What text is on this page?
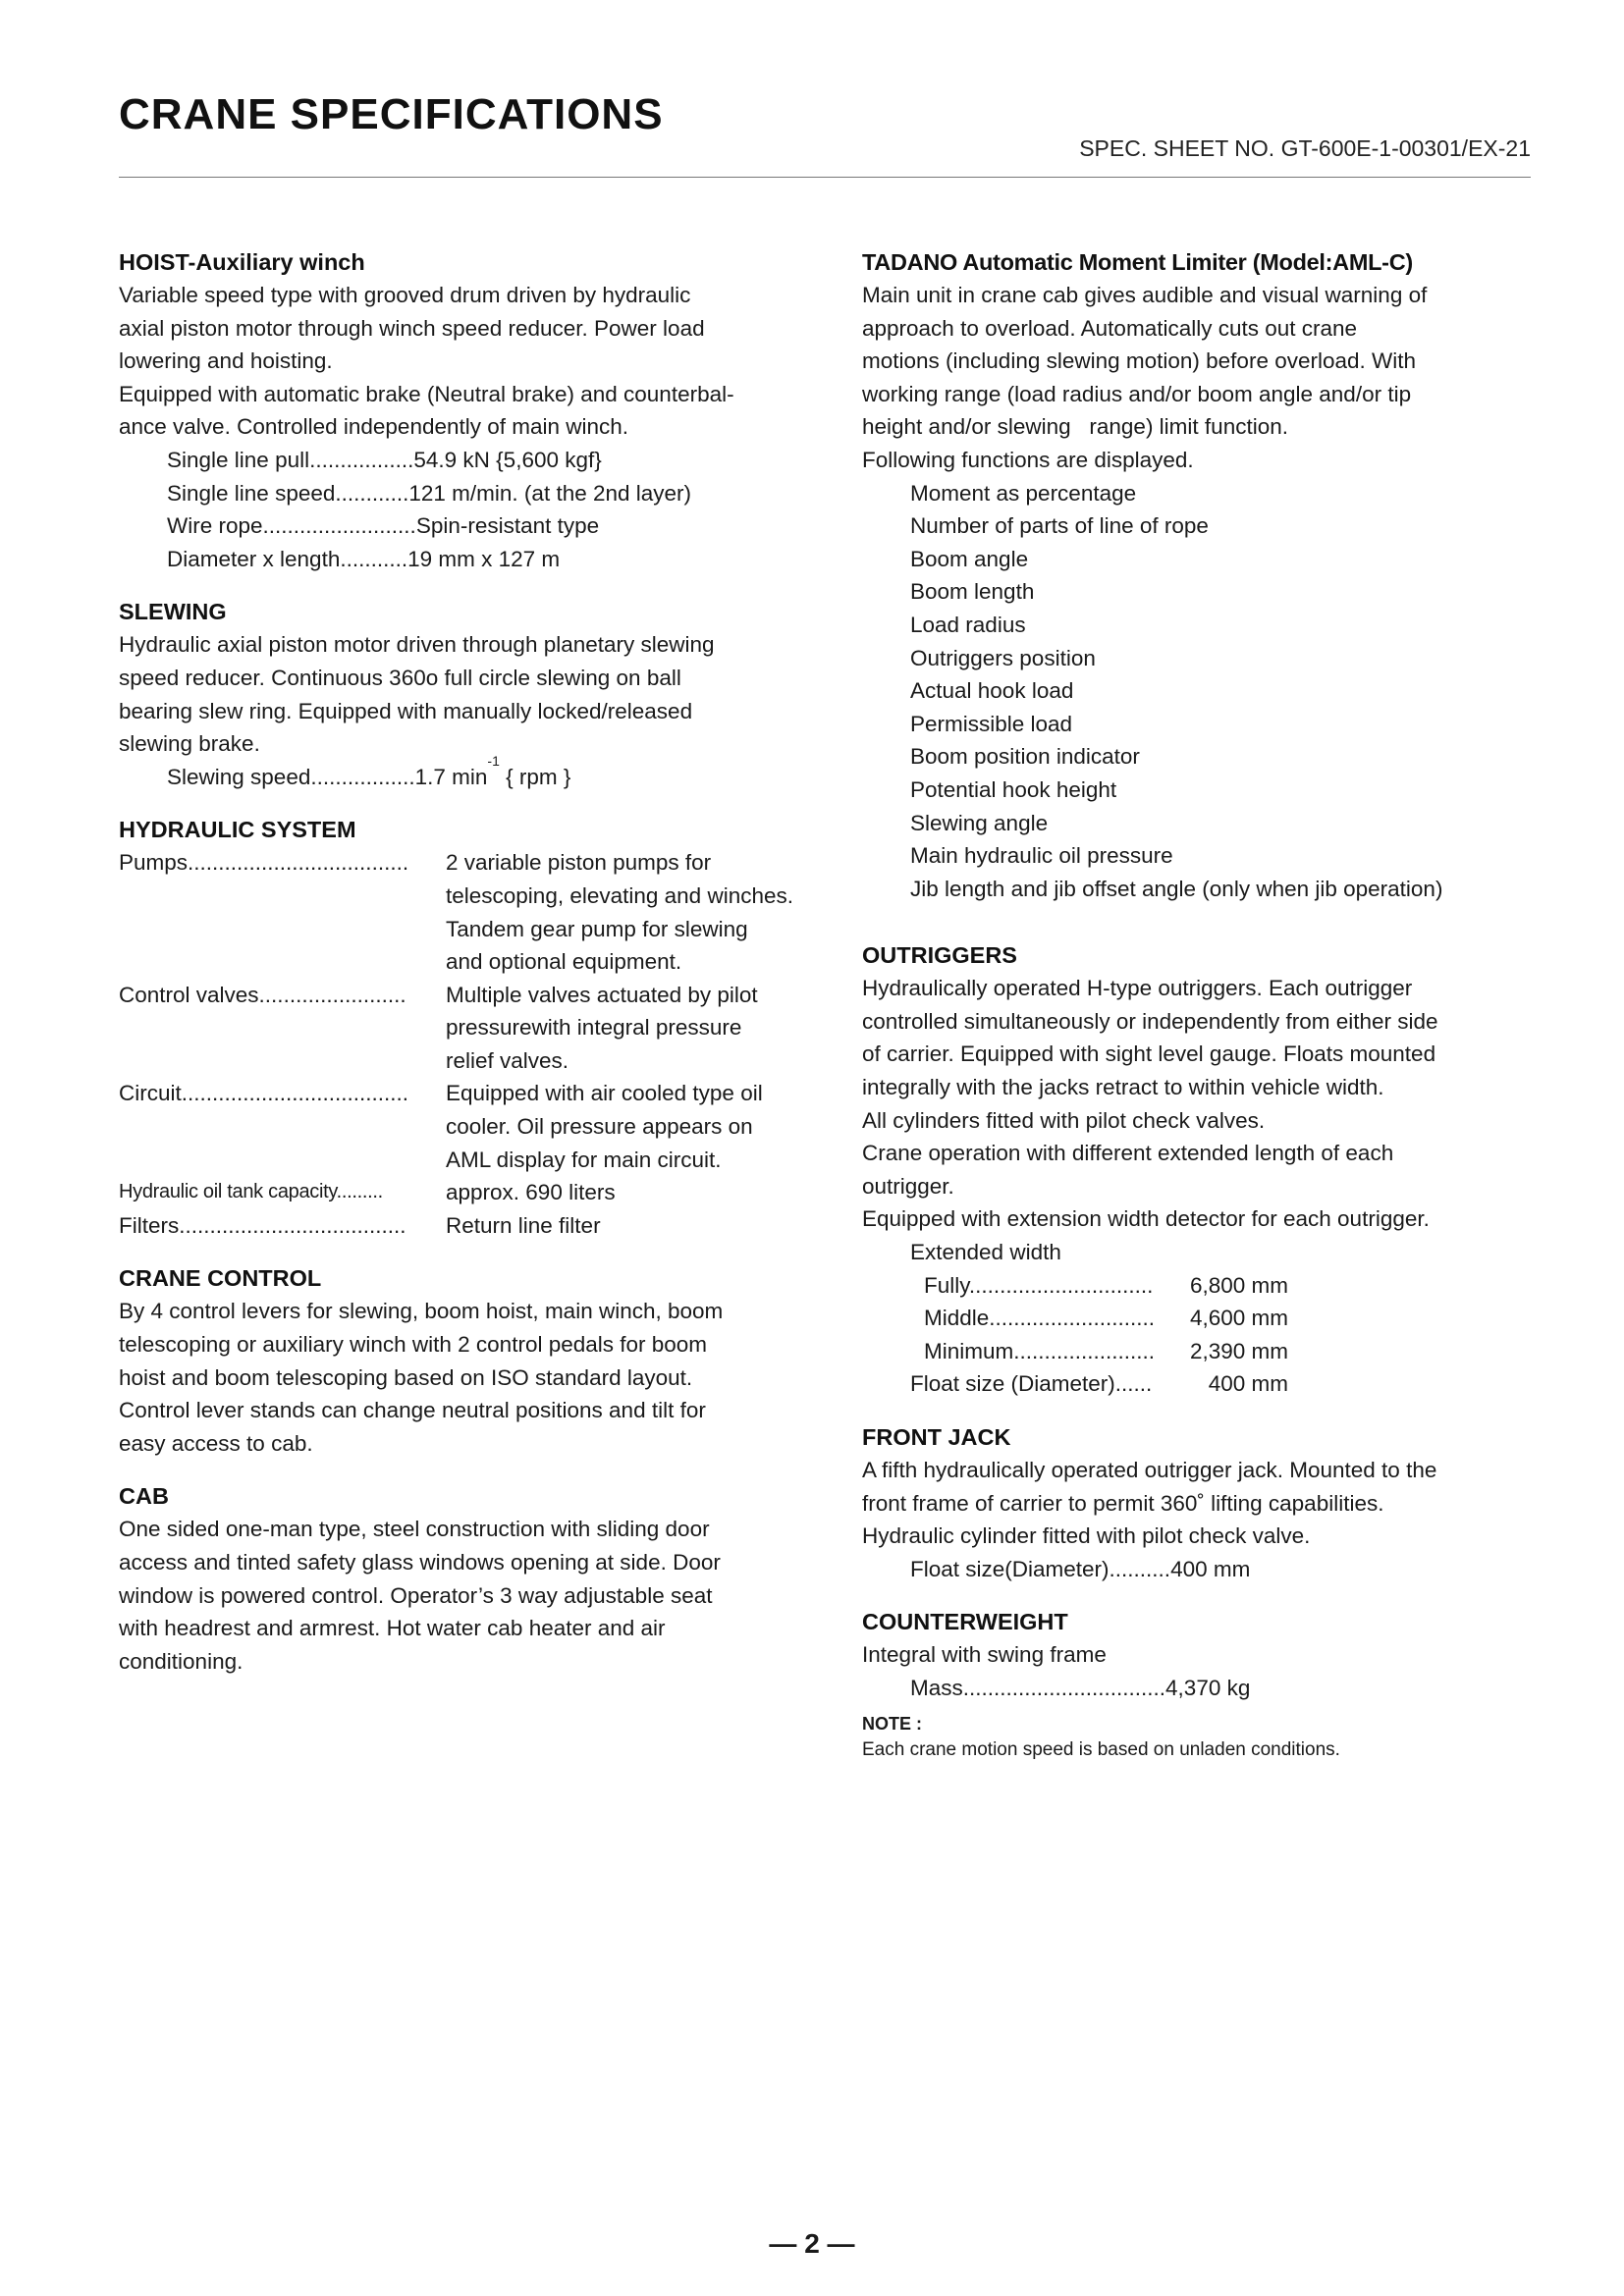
CRANE SPECIFICATIONS
SPEC. SHEET NO. GT-600E-1-00301/EX-21
HOIST-Auxiliary winch
Variable speed type with grooved drum driven by hydraulic
axial piston motor through winch speed reducer. Power load
lowering and hoisting.
Equipped with automatic brake (Neutral brake) and counterbal-
ance valve. Controlled independently of main winch.
Single line pull................. 54.9 kN {5,600 kgf}
Single line speed............ 121 m/min. (at the 2nd layer)
Wire rope......................... Spin-resistant type
Diameter x length........... 19 mm x 127 m
SLEWING
Hydraulic axial piston motor driven through planetary slewing
speed reducer. Continuous 360o full circle slewing on ball
bearing slew ring. Equipped with manually locked/released
slewing brake.
Slewing speed................. 1.7 min
-1
{ rpm }
HYDRAULIC SYSTEM
Pumps....................................	2 variable piston pumps for
telescoping, elevating and winches.
Tandem gear pump for slewing
and optional equipment.
Control valves........................	Multiple valves actuated by pilot
pressurewith integral pressure
relief valves.
Circuit.....................................	Equipped with air cooled type oil
cooler. Oil pressure appears on
AML display for main circuit.
Hydraulic oil tank capacity.........	approx. 690 liters
Filters.....................................	Return line filter
CRANE CONTROL
By 4 control levers for slewing, boom hoist, main winch, boom
telescoping or auxiliary winch with 2 control pedals for boom
hoist and boom telescoping based on ISO standard layout.
Control lever stands can change neutral positions and tilt for
easy access to cab.
CAB
One sided one-man type, steel construction with sliding door
access and tinted safety glass windows opening at side. Door
window is powered control. Operator’s 3 way adjustable seat
with headrest and armrest. Hot water cab heater and air
conditioning.
TADANO Automatic Moment Limiter (Model:AML-C)
Main unit in crane cab gives audible and visual warning of
approach to overload. Automatically cuts out crane
motions (including slewing motion) before overload. With
working range (load radius and/or boom angle and/or tip
height and/or slewing   range) limit function.
Following functions are displayed.
Moment as percentage
Number of parts of line of rope
Boom angle
Boom length
Load radius
Outriggers position
Actual hook load
Permissible load
Boom position indicator
Potential hook height
Slewing angle
Main hydraulic oil pressure
Jib length and jib offset angle (only when jib operation)
OUTRIGGERS
Hydraulically operated H-type outriggers. Each outrigger
controlled simultaneously or independently from either side
of carrier. Equipped with sight level gauge. Floats mounted
integrally with the jacks retract to within vehicle width.
All cylinders fitted with pilot check valves.
Crane operation with different extended length of each
outrigger.
Equipped with extension width detector for each outrigger.
Extended width
Fully..............................	6,800 mm
Middle...........................	4,600 mm
Minimum.......................	2,390 mm
Float size (Diameter)......	400 mm
FRONT JACK
A fifth hydraulically operated outrigger jack. Mounted to the
front frame of carrier to permit 360˚ lifting capabilities.
Hydraulic cylinder fitted with pilot check valve.
Float size(Diameter).......... 400 mm
COUNTERWEIGHT
Integral with swing frame
Mass................................. 4,370 kg
NOTE :
Each crane motion speed is based on unladen conditions.
— 2 —
